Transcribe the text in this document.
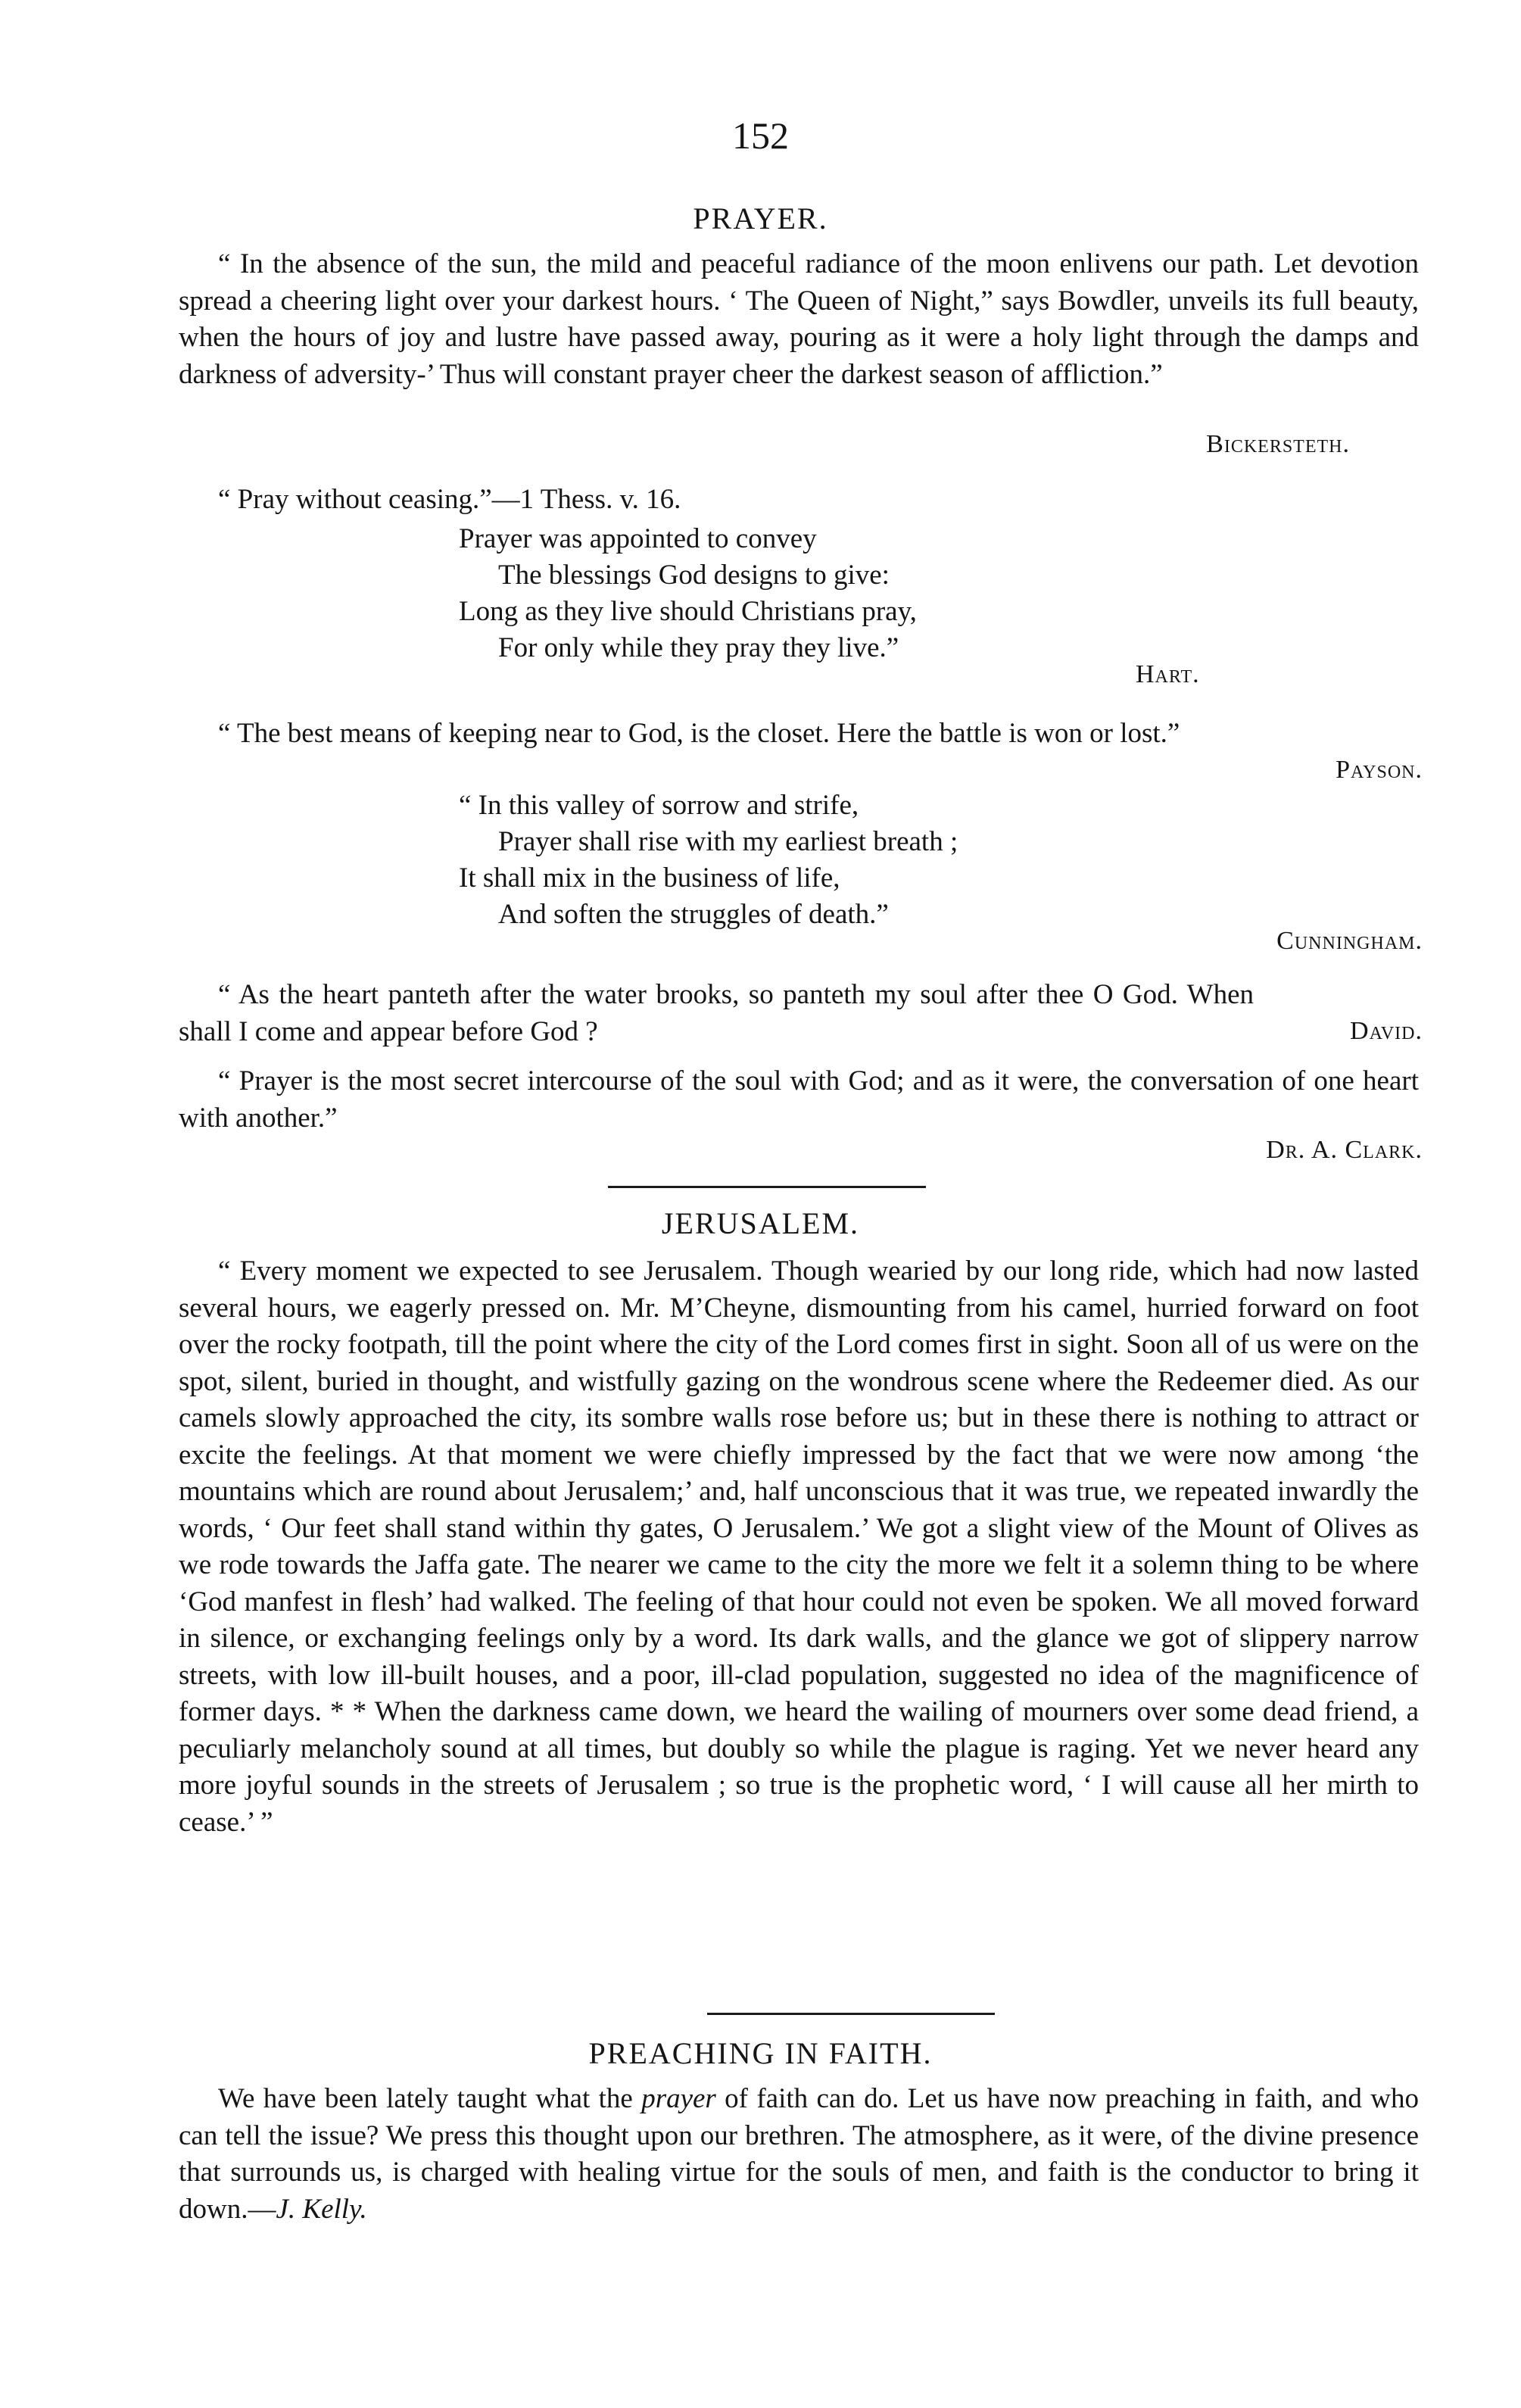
152
PRAYER.

“ In the absence of the sun, the mild and peaceful radiance of the moon enlivens our path. Let devotion spread a cheering light over your darkest hours. ‘ The Queen of Night,” says Bowdler, unveils its full beauty, when the hours of joy and lustre have passed away, pouring as it were a holy light through the damps and darkness of adversity-’ Thus will constant prayer cheer the darkest season of affliction.”

Bickersteth.

“ Pray without ceasing.”—1 Thess. v. 16.

Prayer was appointed to convey

The blessings God designs to give:

Long as they live should Christians pray,

For only while they pray they live.”

Hart.

“ The best means of keeping near to God, is the closet. Here the battle is won or lost.”

Payson.

“ In this valley of sorrow and strife,

Prayer shall rise with my earliest breath ;

It shall mix in the business of life,

And soften the struggles of death.”

Cunningham.

“ As the heart panteth after the water brooks, so panteth my soul after thee O God. When shall I come and appear before God ?	David.

“ Prayer is the most secret intercourse of the soul with God; and as it were, the conversation of one heart with another.”

Dr. A. Clark.
JERUSALEM.

“ Every moment we expected to see Jerusalem. Though wearied by our long ride, which had now lasted several hours, we eagerly pressed on. Mr. M’Cheyne, dismounting from his camel, hurried forward on foot over the rocky footpath, till the point where the city of the Lord comes first in sight. Soon all of us were on the spot, silent, buried in thought, and wistfully gazing on the wondrous scene where the Redeemer died. As our camels slowly approached the city, its sombre walls rose before us; but in these there is nothing to attract or excite the feelings. At that moment we were chiefly impressed by the fact that we were now among ‘the mountains which are round about Jerusalem;’ and, half unconscious that it was true, we repeated inwardly the words, ‘ Our feet shall stand within thy gates, O Jerusalem.’ We got a slight view of the Mount of Olives as we rode towards the Jaffa gate. The nearer we came to the city the more we felt it a solemn thing to be where ‘God manfest in flesh’ had walked. The feeling of that hour could not even be spoken. We all moved forward in silence, or exchanging feelings only by a word. Its dark walls, and the glance we got of slippery narrow streets, with low ill-built houses, and a poor, ill-clad population, suggested no idea of the magnificence of former days. * * When the darkness came down, we heard the wailing of mourners over some dead friend, a peculiarly melancholy sound at all times, but doubly so while the plague is raging. Yet we never heard any more joyful sounds in the streets of Jerusalem ; so true is the prophetic word, ‘ I will cause all her mirth to cease.’ ”

PREACHING IN FAITH.

We have been lately taught what the prayer of faith can do. Let us have now preaching in faith, and who can tell the issue? We press this thought upon our brethren. The atmosphere, as it were, of the divine presence that surrounds us, is charged with healing virtue for the souls of men, and faith is the conductor to bring it down.—J. Kelly.
